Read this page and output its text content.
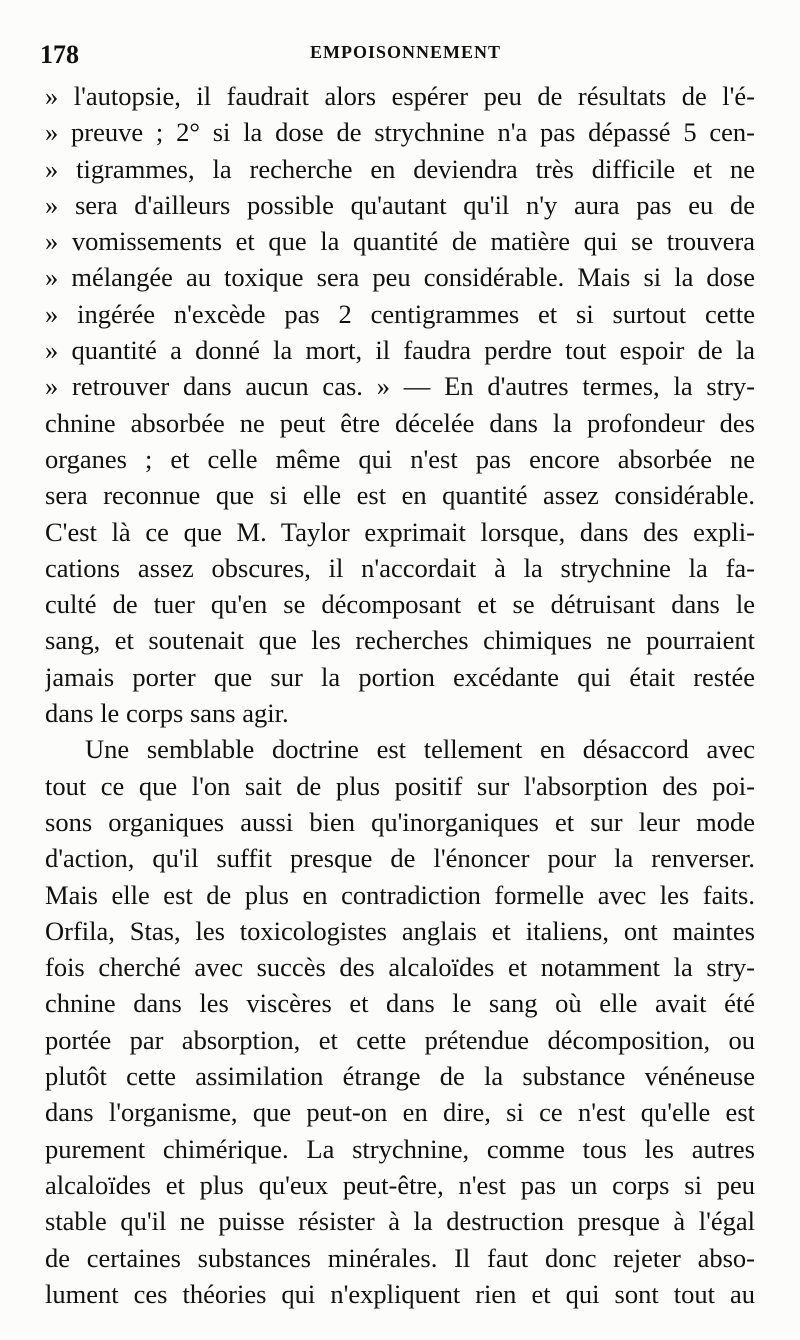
178	EMPOISONNEMENT
» l'autopsie, il faudrait alors espérer peu de résultats de l'é-
» preuve ; 2° si la dose de strychnine n'a pas dépassé 5 cen-
» tigrammes, la recherche en deviendra très difficile et ne
» sera d'ailleurs possible qu'autant qu'il n'y aura pas eu de
» vomissements et que la quantité de matière qui se trouvera
» mélangée au toxique sera peu considérable. Mais si la dose
» ingérée n'excède pas 2 centigrammes et si surtout cette
» quantité a donné la mort, il faudra perdre tout espoir de la
» retrouver dans aucun cas. » — En d'autres termes, la stry-
chnine absorbée ne peut être décelée dans la profondeur des
organes ; et celle même qui n'est pas encore absorbée ne
sera reconnue que si elle est en quantité assez considérable.
C'est là ce que M. Taylor exprimait lorsque, dans des expli-
cations assez obscures, il n'accordait à la strychnine la fa-
culté de tuer qu'en se décomposant et se détruisant dans le
sang, et soutenait que les recherches chimiques ne pourraient
jamais porter que sur la portion excédante qui était restée
dans le corps sans agir.
Une semblable doctrine est tellement en désaccord avec
tout ce que l'on sait de plus positif sur l'absorption des poi-
sons organiques aussi bien qu'inorganiques et sur leur mode
d'action, qu'il suffit presque de l'énoncer pour la renverser.
Mais elle est de plus en contradiction formelle avec les faits.
Orfila, Stas, les toxicologistes anglais et italiens, ont maintes
fois cherché avec succès des alcaloïdes et notamment la stry-
chnine dans les viscères et dans le sang où elle avait été
portée par absorption, et cette prétendue décomposition, ou
plutôt cette assimilation étrange de la substance vénéneuse
dans l'organisme, que peut-on en dire, si ce n'est qu'elle est
purement chimérique. La strychnine, comme tous les autres
alcaloïdes et plus qu'eux peut-être, n'est pas un corps si peu
stable qu'il ne puisse résister à la destruction presque à l'égal
de certaines substances minérales. Il faut donc rejeter abso-
lument ces théories qui n'expliquent rien et qui sont tout au
